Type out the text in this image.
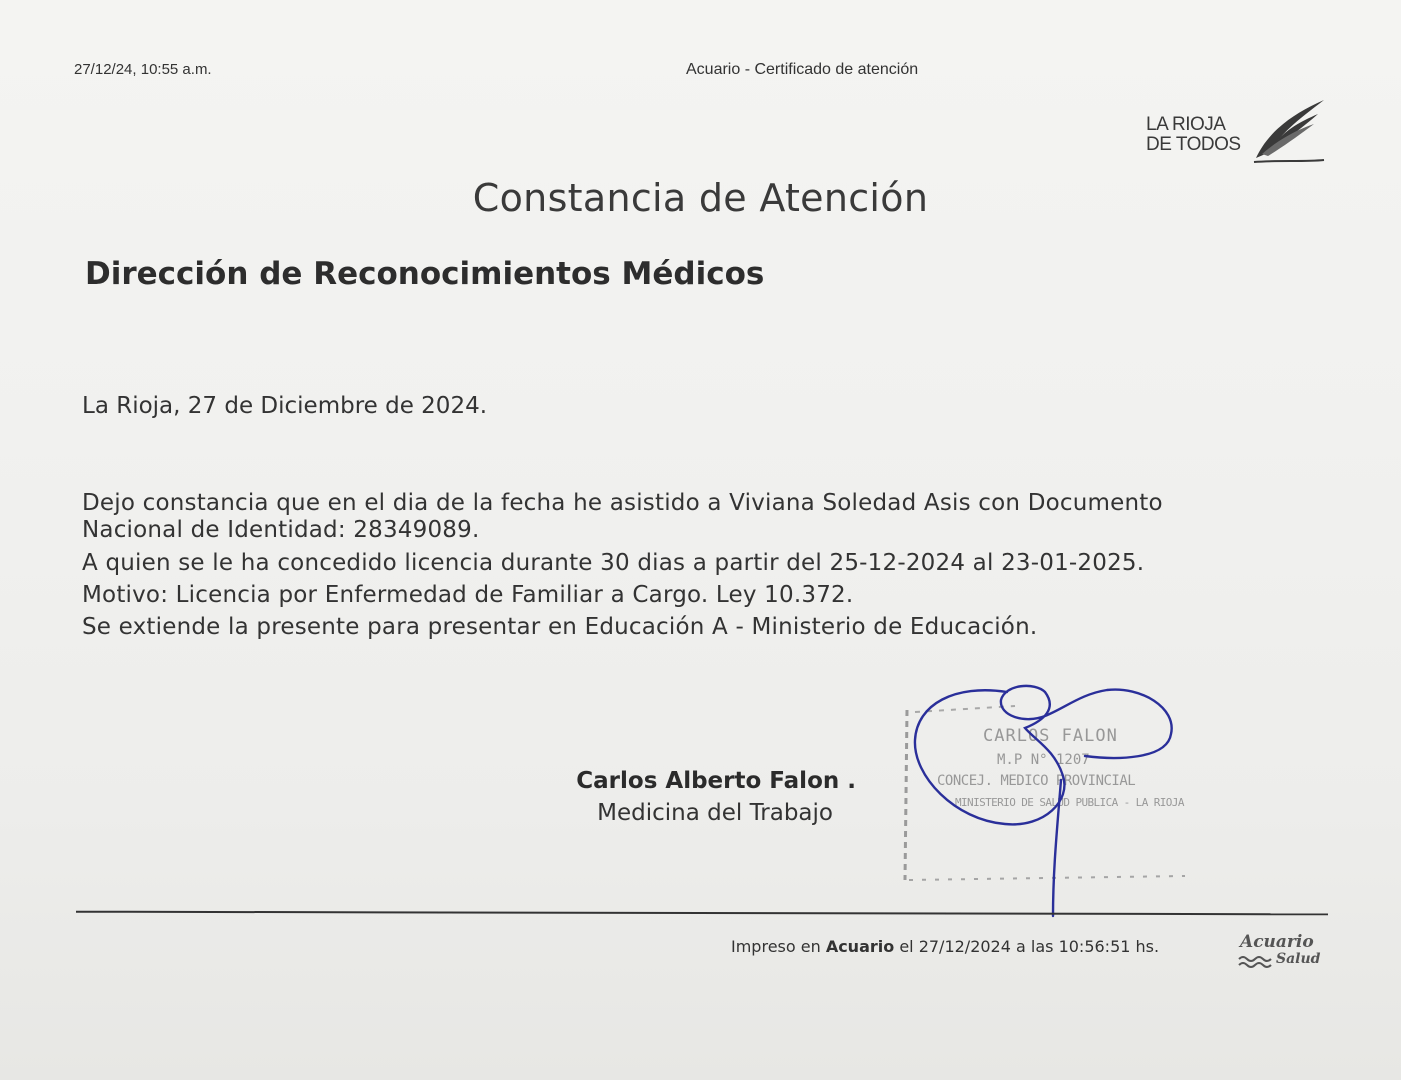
27/12/24, 10:55 a.m.	Acuario - Certificado de atención
LA RIOJA
DE TODOS
Constancia de Atención
Dirección de Reconocimientos Médicos
La Rioja, 27 de Diciembre de 2024.
Dejo constancia que en el dia de la fecha he asistido a Viviana Soledad Asis con Documento
Nacional de Identidad: 28349089.
A quien se le ha concedido licencia durante 30 dias a partir del 25-12-2024 al 23-01-2025.
Motivo: Licencia por Enfermedad de Familiar a Cargo. Ley 10.372.
Se extiende la presente para presentar en Educación A - Ministerio de Educación.
Carlos Alberto Falon .
Medicina del Trabajo
CARLOS FALON
M.P N° 1207
CONCEJ. MEDICO PROVINCIAL
MINISTERIO DE SALUD PUBLICA - LA RIOJA
Impreso en Acuario el 27/12/2024 a las 10:56:51 hs.	Acuario
Salud
